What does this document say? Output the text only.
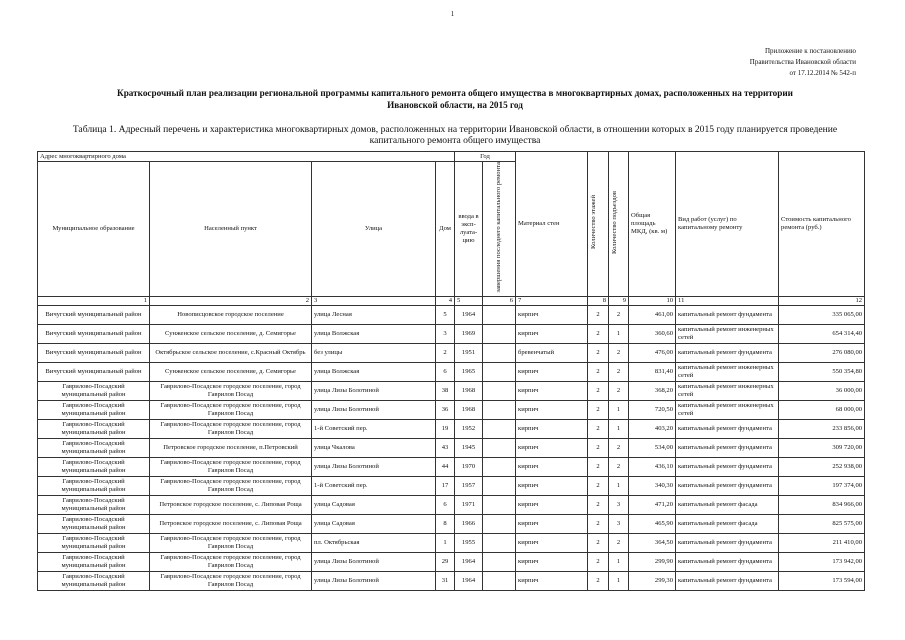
1
Приложение к постановлению
Правительства Ивановской области
от 17.12.2014 № 542-п
Краткосрочный план реализации региональной программы капитального ремонта общего имущества в многоквартирных домах, расположенных на территории
Ивановской области, на 2015 год
Таблица 1. Адресный перечень и характеристика многоквартирных домов, расположенных на территории Ивановской области, в отношении которых в 2015 году планируется проведение
капитального ремонта общего имущества
Адрес многоквартирного дома				Год		Материал стен	Количество этажей	Количество подъездов	Общая площадь МКД, (кв. м)	Вид работ (услуг) по капитальному ремонту	Стоимость капитального ремонта (руб.)
Муниципальное образование	Населенный пункт	Улица	Дом	ввода в эксп-луата-цию	завершения последнего капитального ремонта						
1	2	3	4	5	6	7	8	9	10	11	12
Вичугский муниципальный район	Новописцовское городское поселение	улица Лесная	5	1964		кирпич	2	2	461,00	капитальный ремонт фундамента	335 065,00
Вичугский муниципальный район	Сунженское сельское поселение, д. Семигорье	улица Волжская	3	1969		кирпич	2	1	360,60	капитальный ремонт инженерных сетей	654 314,40
Вичугский муниципальный район	Октябрьское сельское поселение, с.Красный Октябрь	без улицы	2	1951		бревенчатый	2	2	476,00	капитальный ремонт фундамента	276 080,00
Вичугский муниципальный район	Сунженское сельское поселение, д. Семигорье	улица Волжская	6	1965		кирпич	2	2	831,40	капитальный ремонт инженерных сетей	550 354,80
Гаврилово-Посадский муниципальный район	Гаврилово-Посадское городское поселение, город Гаврилов Посад	улица Лизы Болотиной	38	1968		кирпич	2	2	368,20	капитальный ремонт инженерных сетей	36 000,00
Гаврилово-Посадский муниципальный район	Гаврилово-Посадское городское поселение, город Гаврилов Посад	улица Лизы Болотиной	36	1968		кирпич	2	1	720,50	капитальный ремонт инженерных сетей	68 000,00
Гаврилово-Посадский муниципальный район	Гаврилово-Посадское городское поселение, город Гаврилов Посад	1-й Советский пер.	19	1952		кирпич	2	1	403,20	капитальный ремонт фундамента	233 856,00
Гаврилово-Посадский муниципальный район	Петровское городское поселение, п.Петровский	улица Чкалова	43	1945		кирпич	2	2	534,00	капитальный ремонт фундамента	309 720,00
Гаврилово-Посадский муниципальный район	Гаврилово-Посадское городское поселение, город Гаврилов Посад	улица Лизы Болотиной	44	1970		кирпич	2	2	436,10	капитальный ремонт фундамента	252 938,00
Гаврилово-Посадский муниципальный район	Гаврилово-Посадское городское поселение, город Гаврилов Посад	1-й Советский пер.	17	1957		кирпич	2	1	340,30	капитальный ремонт фундамента	197 374,00
Гаврилово-Посадский муниципальный район	Петровское городское поселение, с. Липовая Роща	улица Садовая	6	1971		кирпич	2	3	471,20	капитальный ремонт фасада	834 966,00
Гаврилово-Посадский муниципальный район	Петровское городское поселение, с. Липовая Роща	улица Садовая	8	1966		кирпич	2	3	465,90	капитальный ремонт фасада	825 575,00
Гаврилово-Посадский муниципальный район	Гаврилово-Посадское городское поселение, город Гаврилов Посад	пл. Октябрьская	1	1955		кирпич	2	2	364,50	капитальный ремонт фундамента	211 410,00
Гаврилово-Посадский муниципальный район	Гаврилово-Посадское городское поселение, город Гаврилов Посад	улица Лизы Болотиной	29	1964		кирпич	2	1	299,90	капитальный ремонт фундамента	173 942,00
Гаврилово-Посадский муниципальный район	Гаврилово-Посадское городское поселение, город Гаврилов Посад	улица Лизы Болотиной	31	1964		кирпич	2	1	299,30	капитальный ремонт фундамента	173 594,00
